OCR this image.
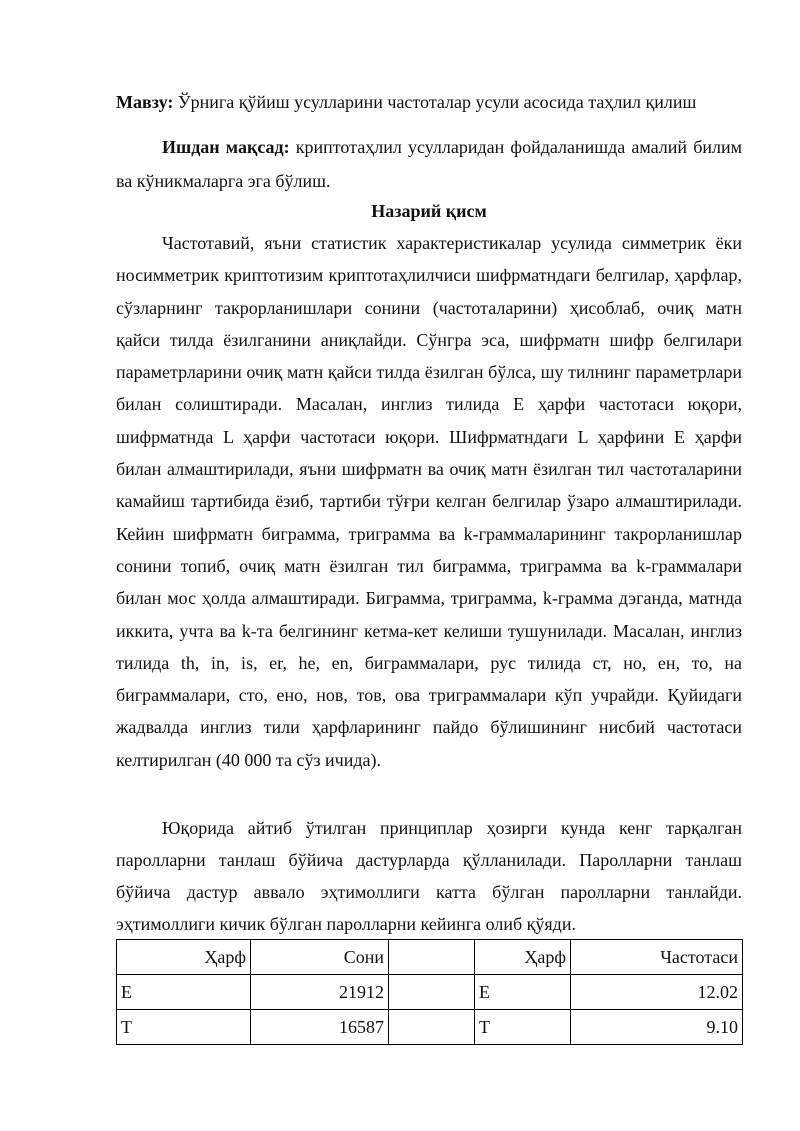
Мавзу: Ўрнига қўйиш усулларини частоталар усули асосида таҳлил қилиш
Ишдан мақсад: криптотаҳлил усулларидан фойдаланишда амалий билим ва кўникмаларга эга бўлиш.
Назарий қисм
Частотавий, яъни статистик характеристикалар усулида симметрик ёки носимметрик криптотизим криптотаҳлилчиси шифрматндаги белгилар, ҳарфлар, сўзларнинг такрорланишлари сонини (частоталарини) ҳисоблаб, очиқ матн қайси тилда ёзилганини аниқлайди. Сўнгра эса, шифрматн шифр белгилари параметрларини очиқ матн қайси тилда ёзилган бўлса, шу тилнинг параметрлари билан солиштиради. Масалан, инглиз тилида E ҳарфи частотаси юқори, шифрматнда L ҳарфи частотаси юқори. Шифрматндаги L ҳарфини E ҳарфи билан алмаштирилади, яъни шифрматн ва очиқ матн ёзилган тил частоталарини камайиш тартибида ёзиб, тартиби тўғри келган белгилар ўзаро алмаштирилади. Кейин шифрматн биграмма, триграмма ва k-граммаларининг такрорланишлар сонини топиб, очиқ матн ёзилган тил биграмма, триграмма ва k-граммалари билан мос ҳолда алмаштиради. Биграмма, триграмма, k-грамма дэганда, матнда иккита, учта ва k-та белгининг кетма-кет келиши тушунилади. Масалан, инглиз тилида th, in, is, er, he, en, биграммалари, рус тилида ст, но, ен, то, на биграммалари, сто, ено, нов, тов, ова триграммалари кўп учрайди. Қуйидаги жадвалда инглиз тили ҳарфларининг пайдо бўлишининг нисбий частотаси келтирилган (40 000 та сўз ичида).
Юқорида айтиб ўтилган принциплар ҳозирги кунда кенг тарқалган паролларни танлаш бўйича дастурларда қўлланилади. Паролларни танлаш бўйича дастур аввало эҳтимоллиги катта бўлган паролларни танлайди. эҳтимоллиги кичик бўлган паролларни кейинга олиб қўяди.
Ҳарф	Сони		Ҳарф	Частотаси
E	21912		E	12.02
T	16587		T	9.10
